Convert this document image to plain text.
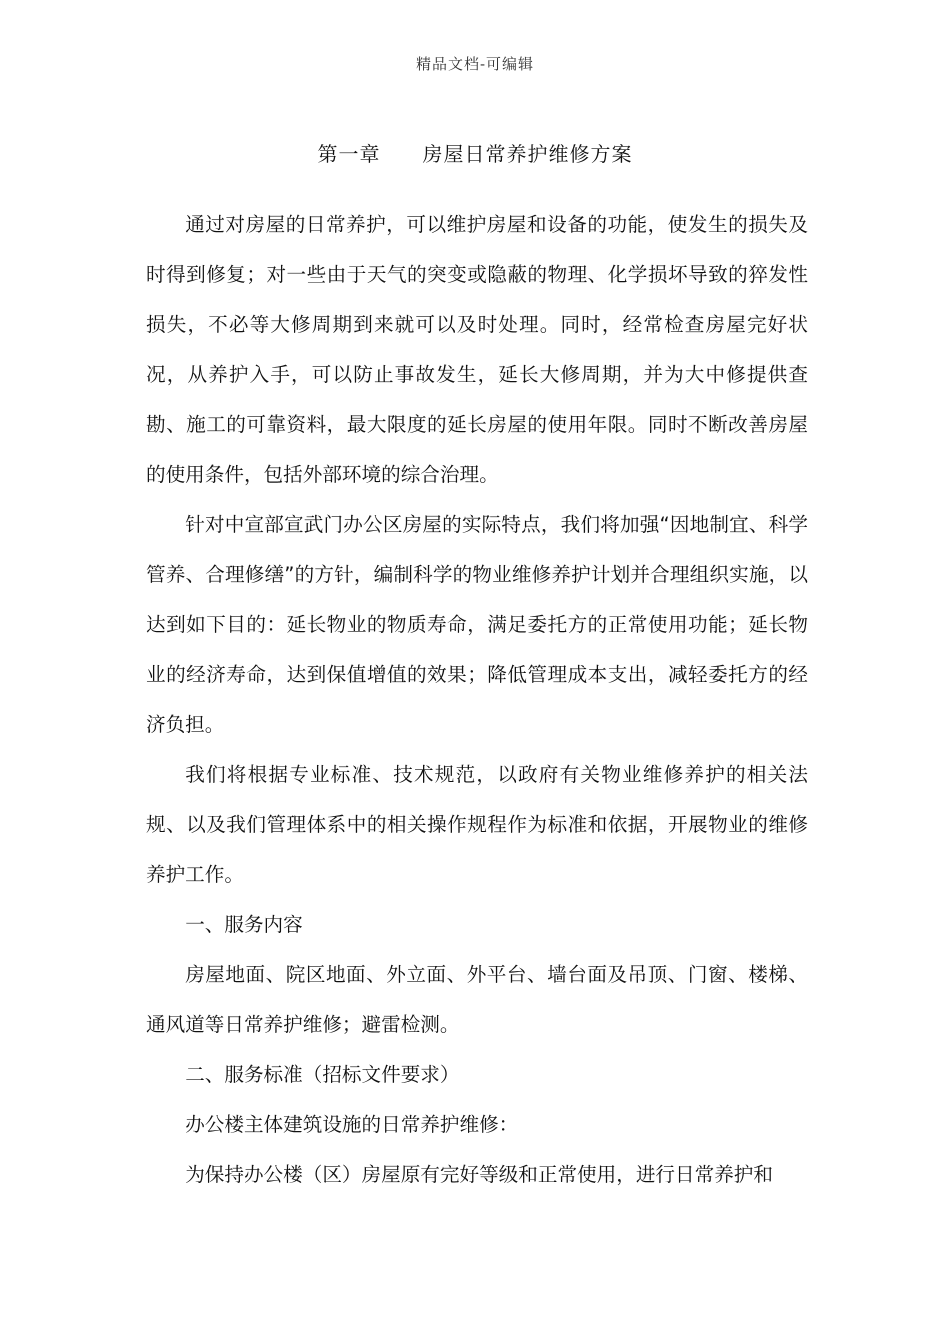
精品文档-可编辑
第一章 房屋日常养护维修方案

通过对房屋的日常养护，可以维护房屋和设备的功能，使发生的损失及时得到修复；对一些由于天气的突变或隐蔽的物理、化学损坏导致的猝发性损失，不必等大修周期到来就可以及时处理。同时，经常检查房屋完好状况，从养护入手，可以防止事故发生，延长大修周期，并为大中修提供查勘、施工的可靠资料，最大限度的延长房屋的使用年限。同时不断改善房屋的使用条件，包括外部环境的综合治理。

针对中宣部宣武门办公区房屋的实际特点，我们将加强“因地制宜、科学管养、合理修缮”的方针，编制科学的物业维修养护计划并合理组织实施，以达到如下目的：延长物业的物质寿命，满足委托方的正常使用功能；延长物业的经济寿命，达到保值增值的效果；降低管理成本支出，减轻委托方的经济负担。

我们将根据专业标准、技术规范，以政府有关物业维修养护的相关法规、以及我们管理体系中的相关操作规程作为标准和依据，开展物业的维修养护工作。

一、服务内容

房屋地面、院区地面、外立面、外平台、墙台面及吊顶、门窗、楼梯、通风道等日常养护维修；避雷检测。

二、服务标准（招标文件要求）

办公楼主体建筑设施的日常养护维修：

为保持办公楼（区）房屋原有完好等级和正常使用，进行日常养护和
